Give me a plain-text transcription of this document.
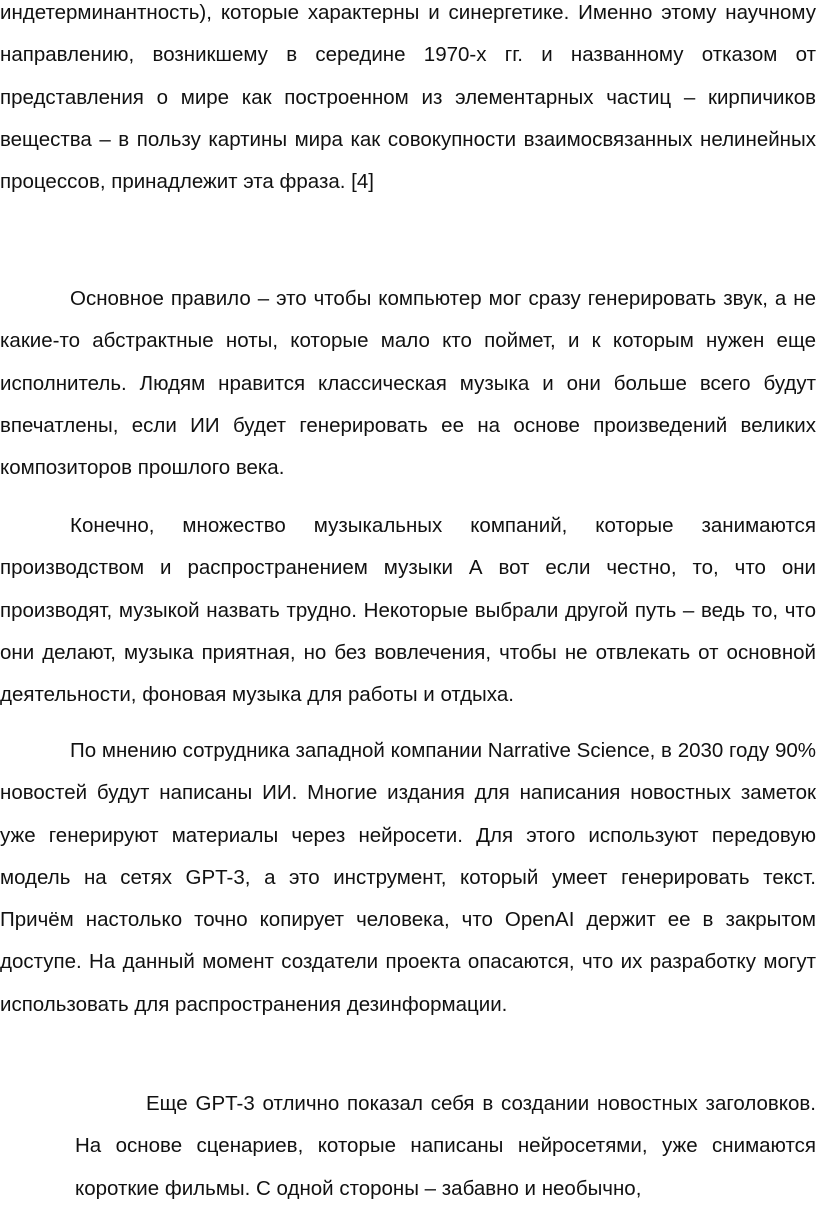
индетерминантность), которые характерны и синергетике. Именно этому научному направлению, возникшему в середине 1970-х гг. и названному отказом от представления о мире как построенном из элементарных частиц – кирпичиков вещества – в пользу картины мира как совокупности взаимосвязанных нелинейных процессов, принадлежит эта фраза. [4]

Основное правило – это чтобы компьютер мог сразу генерировать звук, а не какие-то абстрактные ноты, которые мало кто поймет, и к которым нужен еще исполнитель. Людям нравится классическая музыка и они больше всего будут впечатлены, если ИИ будет генерировать ее на основе произведений великих композиторов прошлого века.

Конечно, множество музыкальных компаний, которые занимаются производством и распространением музыки А вот если честно, то, что они производят, музыкой назвать трудно. Некоторые выбрали другой путь – ведь то, что они делают, музыка приятная, но без вовлечения, чтобы не отвлекать от основной деятельности, фоновая музыка для работы и отдыха.

По мнению сотрудника западной компании Narrative Science, в 2030 году 90% новостей будут написаны ИИ. Многие издания для написания новостных заметок уже генерируют материалы через нейросети. Для этого используют передовую модель на сетях GPT-3, а это инструмент, который умеет генерировать текст. Причём настолько точно копирует человека, что OpenAI держит ее в закрытом доступе. На данный момент создатели проекта опасаются, что их разработку могут использовать для распространения дезинформации.

Еще GPT-3 отлично показал себя в создании новостных заголовков. На основе сценариев, которые написаны нейросетями, уже снимаются короткие фильмы. С одной стороны – забавно и необычно,
